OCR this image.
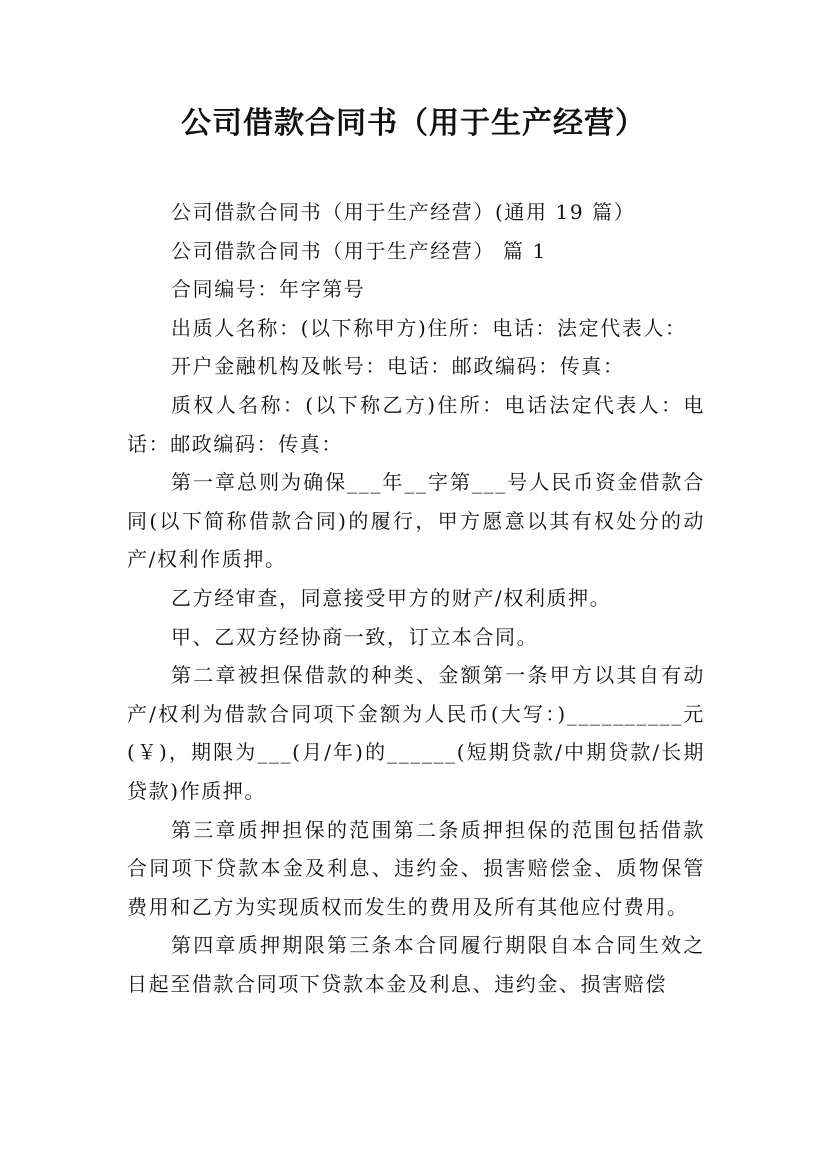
公司借款合同书（用于生产经营）

公司借款合同书（用于生产经营）(通用 19 篇）

公司借款合同书（用于生产经营） 篇 1

合同编号：年字第号

出质人名称：(以下称甲方)住所：电话：法定代表人：

开户金融机构及帐号：电话：邮政编码：传真：

质权人名称：(以下称乙方)住所：电话法定代表人：电话：邮政编码：传真：

第一章总则为确保___年__字第___号人民币资金借款合同(以下简称借款合同)的履行，甲方愿意以其有权处分的动产/权利作质押。

乙方经审查，同意接受甲方的财产/权利质押。

甲、乙双方经协商一致，订立本合同。

第二章被担保借款的种类、金额第一条甲方以其自有动产/权利为借款合同项下金额为人民币(大写：)__________元(￥)，期限为___(月/年)的______(短期贷款/中期贷款/长期贷款)作质押。

第三章质押担保的范围第二条质押担保的范围包括借款合同项下贷款本金及利息、违约金、损害赔偿金、质物保管费用和乙方为实现质权而发生的费用及所有其他应付费用。

第四章质押期限第三条本合同履行期限自本合同生效之日起至借款合同项下贷款本金及利息、违约金、损害赔偿
